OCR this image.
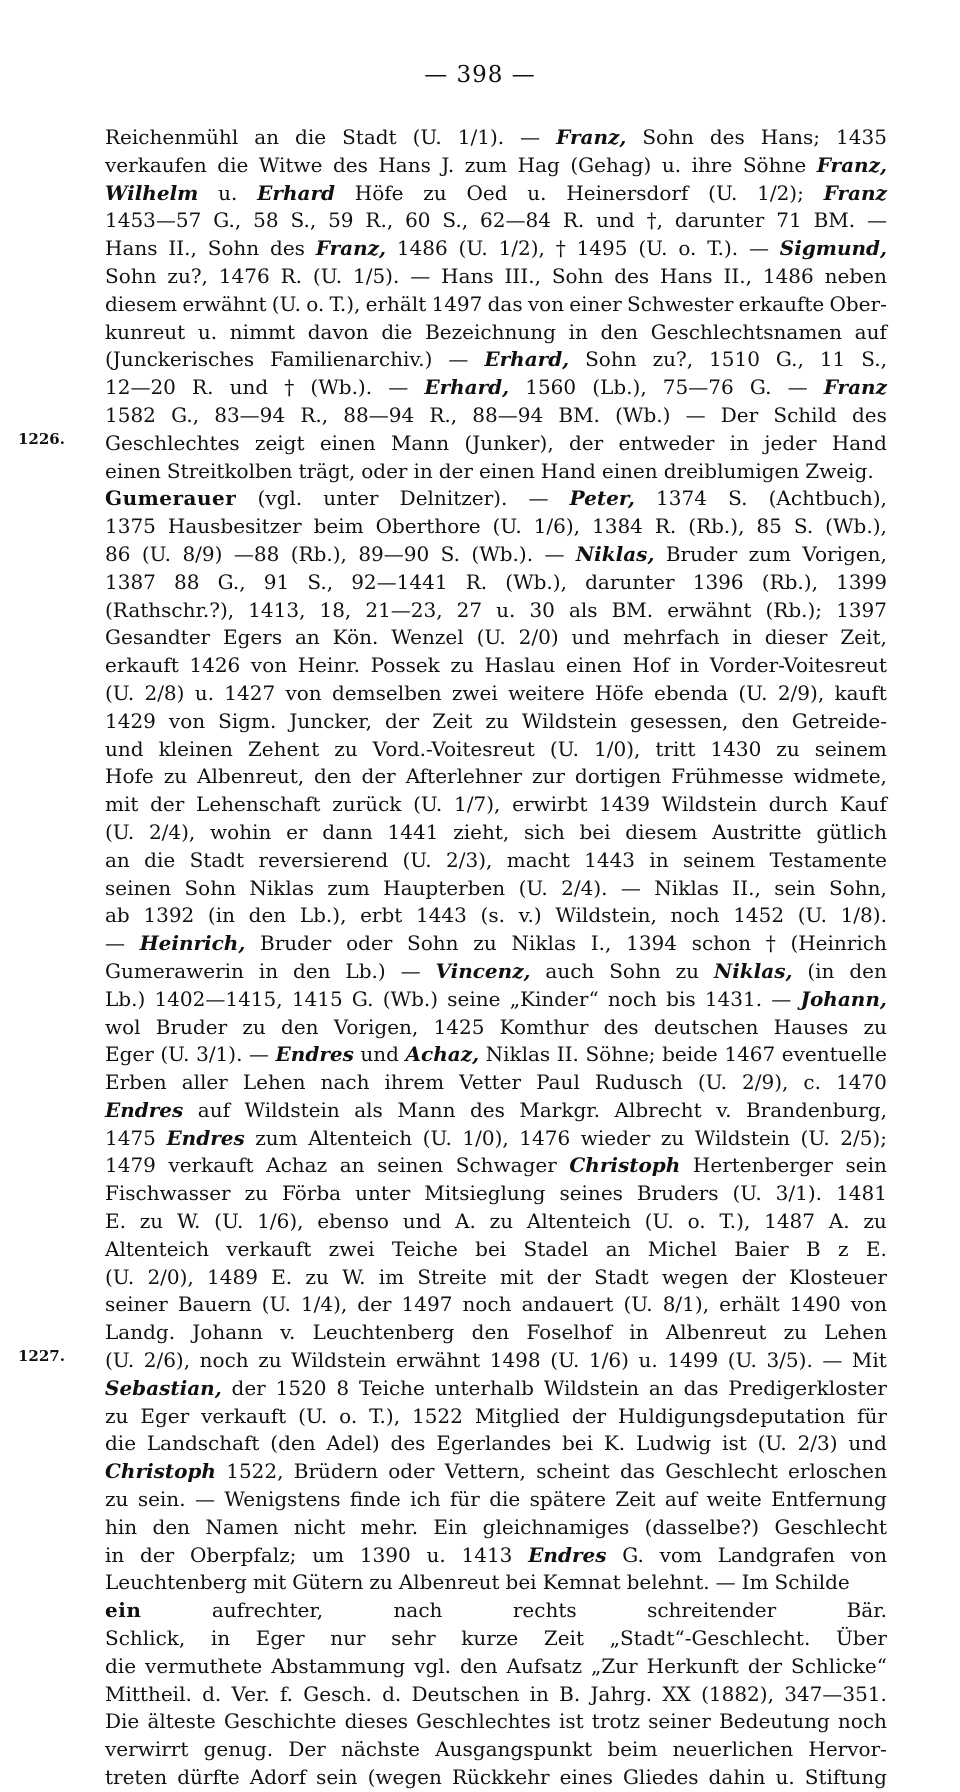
— 398 —
1226.
1227.
Reichenmühl an die Stadt (U. 1/1). — Franz, Sohn des Hans; 1435
verkaufen die Witwe des Hans J. zum Hag (Gehag) u. ihre Söhne Franz,
Wilhelm u. Erhard Höfe zu Oed u. Heinersdorf (U. 1/2); Franz
1453—57 G., 58 S., 59 R., 60 S., 62—84 R. und †, darunter 71 BM. —
Hans II., Sohn des Franz, 1486 (U. 1/2), † 1495 (U. o. T.). — Sigmund,
Sohn zu?, 1476 R. (U. 1/5). — Hans III., Sohn des Hans II., 1486 neben
diesem erwähnt (U. o. T.), erhält 1497 das von einer Schwester erkaufte Ober-
kunreut u. nimmt davon die Bezeichnung in den Geschlechtsnamen auf
(Junckerisches Familienarchiv.) — Erhard, Sohn zu?, 1510 G., 11 S.,
12—20 R. und † (Wb.). — Erhard, 1560 (Lb.), 75—76 G. — Franz
1582 G., 83—94 R., 88—94 R., 88—94 BM. (Wb.) — Der Schild des
Geschlechtes zeigt einen Mann (Junker), der entweder in jeder Hand
einen Streitkolben trägt, oder in der einen Hand einen dreiblumigen Zweig.
Gumerauer (vgl. unter Delnitzer). — Peter, 1374 S. (Achtbuch),
1375 Hausbesitzer beim Oberthore (U. 1/6), 1384 R. (Rb.), 85 S. (Wb.),
86 (U. 8/9) —88 (Rb.), 89—90 S. (Wb.). — Niklas, Bruder zum Vorigen,
1387 88 G., 91 S., 92—1441 R. (Wb.), darunter 1396 (Rb.), 1399
(Rathschr.?), 1413, 18, 21—23, 27 u. 30 als BM. erwähnt (Rb.); 1397
Gesandter Egers an Kön. Wenzel (U. 2/0) und mehrfach in dieser Zeit,
erkauft 1426 von Heinr. Possek zu Haslau einen Hof in Vorder-Voitesreut
(U. 2/8) u. 1427 von demselben zwei weitere Höfe ebenda (U. 2/9), kauft
1429 von Sigm. Juncker, der Zeit zu Wildstein gesessen, den Getreide-
und kleinen Zehent zu Vord.-Voitesreut (U. 1/0), tritt 1430 zu seinem
Hofe zu Albenreut, den der Afterlehner zur dortigen Frühmesse widmete,
mit der Lehenschaft zurück (U. 1/7), erwirbt 1439 Wildstein durch Kauf
(U. 2/4), wohin er dann 1441 zieht, sich bei diesem Austritte gütlich
an die Stadt reversierend (U. 2/3), macht 1443 in seinem Testamente
seinen Sohn Niklas zum Haupterben (U. 2/4). — Niklas II., sein Sohn,
ab 1392 (in den Lb.), erbt 1443 (s. v.) Wildstein, noch 1452 (U. 1/8).
— Heinrich, Bruder oder Sohn zu Niklas I., 1394 schon † (Heinrich
Gumerawerin in den Lb.) — Vincenz, auch Sohn zu Niklas, (in den
Lb.) 1402—1415, 1415 G. (Wb.) seine „Kinder“ noch bis 1431. — Johann,
wol Bruder zu den Vorigen, 1425 Komthur des deutschen Hauses zu
Eger (U. 3/1). — Endres und Achaz, Niklas II. Söhne; beide 1467 eventuelle
Erben aller Lehen nach ihrem Vetter Paul Rudusch (U. 2/9), c. 1470
Endres auf Wildstein als Mann des Markgr. Albrecht v. Brandenburg,
1475 Endres zum Altenteich (U. 1/0), 1476 wieder zu Wildstein (U. 2/5);
1479 verkauft Achaz an seinen Schwager Christoph Hertenberger sein
Fischwasser zu Förba unter Mitsieglung seines Bruders (U. 3/1). 1481
E. zu W. (U. 1/6), ebenso und A. zu Altenteich (U. o. T.), 1487 A. zu
Altenteich verkauft zwei Teiche bei Stadel an Michel Baier B z E.
(U. 2/0), 1489 E. zu W. im Streite mit der Stadt wegen der Klosteuer
seiner Bauern (U. 1/4), der 1497 noch andauert (U. 8/1), erhält 1490 von
Landg. Johann v. Leuchtenberg den Foselhof in Albenreut zu Lehen
(U. 2/6), noch zu Wildstein erwähnt 1498 (U. 1/6) u. 1499 (U. 3/5). — Mit
Sebastian, der 1520 8 Teiche unterhalb Wildstein an das Predigerkloster
zu Eger verkauft (U. o. T.), 1522 Mitglied der Huldigungsdeputation für
die Landschaft (den Adel) des Egerlandes bei K. Ludwig ist (U. 2/3) und
Christoph 1522, Brüdern oder Vettern, scheint das Geschlecht erloschen
zu sein. — Wenigstens finde ich für die spätere Zeit auf weite Entfernung
hin den Namen nicht mehr. Ein gleichnamiges (dasselbe?) Geschlecht
in der Oberpfalz; um 1390 u. 1413 Endres G. vom Landgrafen von
Leuchtenberg mit Gütern zu Albenreut bei Kemnat belehnt. — Im Schilde
ein	aufrechter,	nach	rechts	schreitender	Bär.
Schlick, in Eger nur sehr kurze Zeit „Stadt“-Geschlecht. Über
die vermuthete Abstammung vgl. den Aufsatz „Zur Herkunft der Schlicke“
Mittheil. d. Ver. f. Gesch. d. Deutschen in B. Jahrg. XX (1882), 347—351.
Die älteste Geschichte dieses Geschlechtes ist trotz seiner Bedeutung noch
verwirrt genug. Der nächste Ausgangspunkt beim neuerlichen Hervor-
treten dürfte Adorf sein (wegen Rückkehr eines Gliedes dahin u. Stiftung
